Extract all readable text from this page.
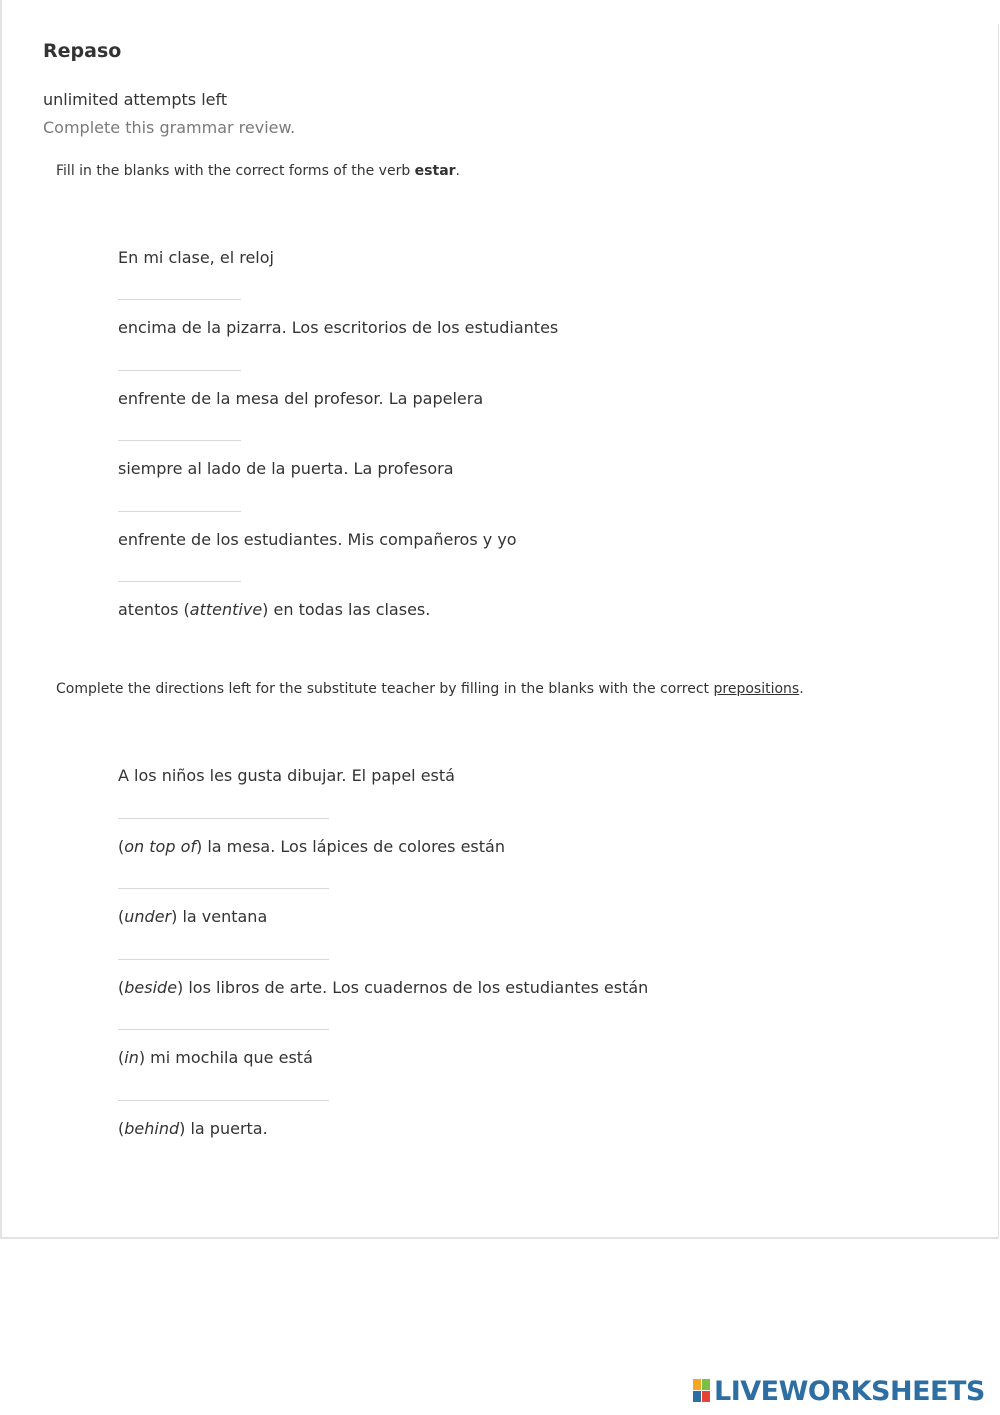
Repaso
unlimited attempts left
Complete this grammar review.
Fill in the blanks with the correct forms of the verb estar.
En mi clase, el reloj
encima de la pizarra. Los escritorios de los estudiantes
enfrente de la mesa del profesor. La papelera
siempre al lado de la puerta. La profesora
enfrente de los estudiantes. Mis compañeros y yo
atentos (attentive) en todas las clases.
Complete the directions left for the substitute teacher by filling in the blanks with the correct prepositions.
A los niños les gusta dibujar. El papel está
(on top of) la mesa. Los lápices de colores están
(under) la ventana
(beside) los libros de arte. Los cuadernos de los estudiantes están
(in) mi mochila que está
(behind) la puerta.
LIVEWORKSHEETS
